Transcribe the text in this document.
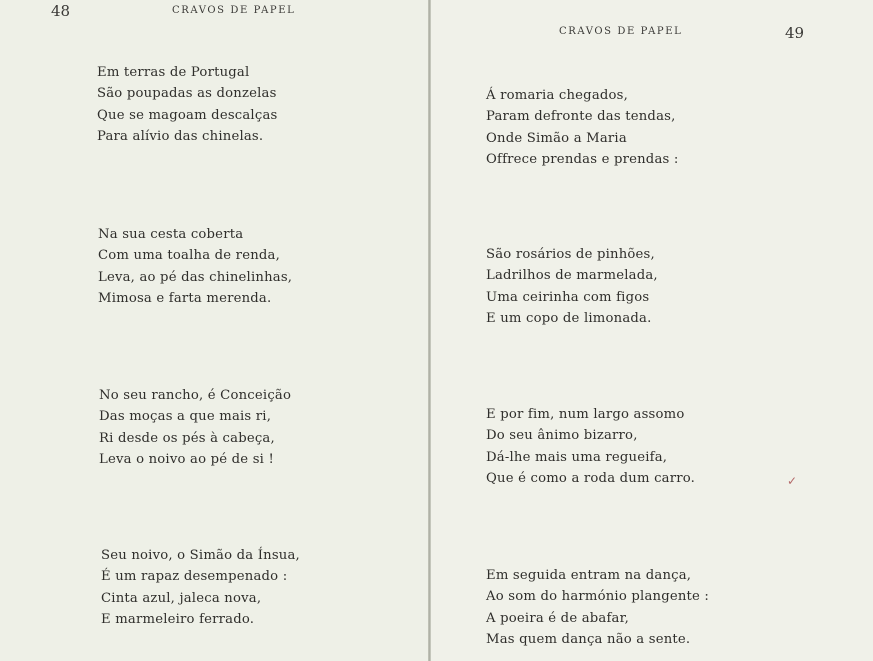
48	CRAVOS DE PAPEL
Em terras de Portugal
São poupadas as donzelas
Que se magoam descalças
Para alívio das chinelas.
Na sua cesta coberta
Com uma toalha de renda,
Leva, ao pé das chinelinhas,
Mimosa e farta merenda.
No seu rancho, é Conceição
Das moças a que mais ri,
Ri desde os pés à cabeça,
Leva o noivo ao pé de si !
Seu noivo, o Simão da Ínsua,
É um rapaz desempenado :
Cinta azul, jaleca nova,
E marmeleiro ferrado.
CRAVOS DE PAPEL	49
Á romaria chegados,
Param defronte das tendas,
Onde Simão a Maria
Offrece prendas e prendas :
São rosários de pinhões,
Ladrilhos de marmelada,
Uma ceirinha com figos
E um copo de limonada.
E por fim, num largo assomo
Do seu ânimo bizarro,
Dá-lhe mais uma regueifa,
Que é como a roda dum carro.
Em seguida entram na dança,
Ao som do harmónio plangente :
A poeira é de abafar,
Mas quem dança não a sente.
✓
